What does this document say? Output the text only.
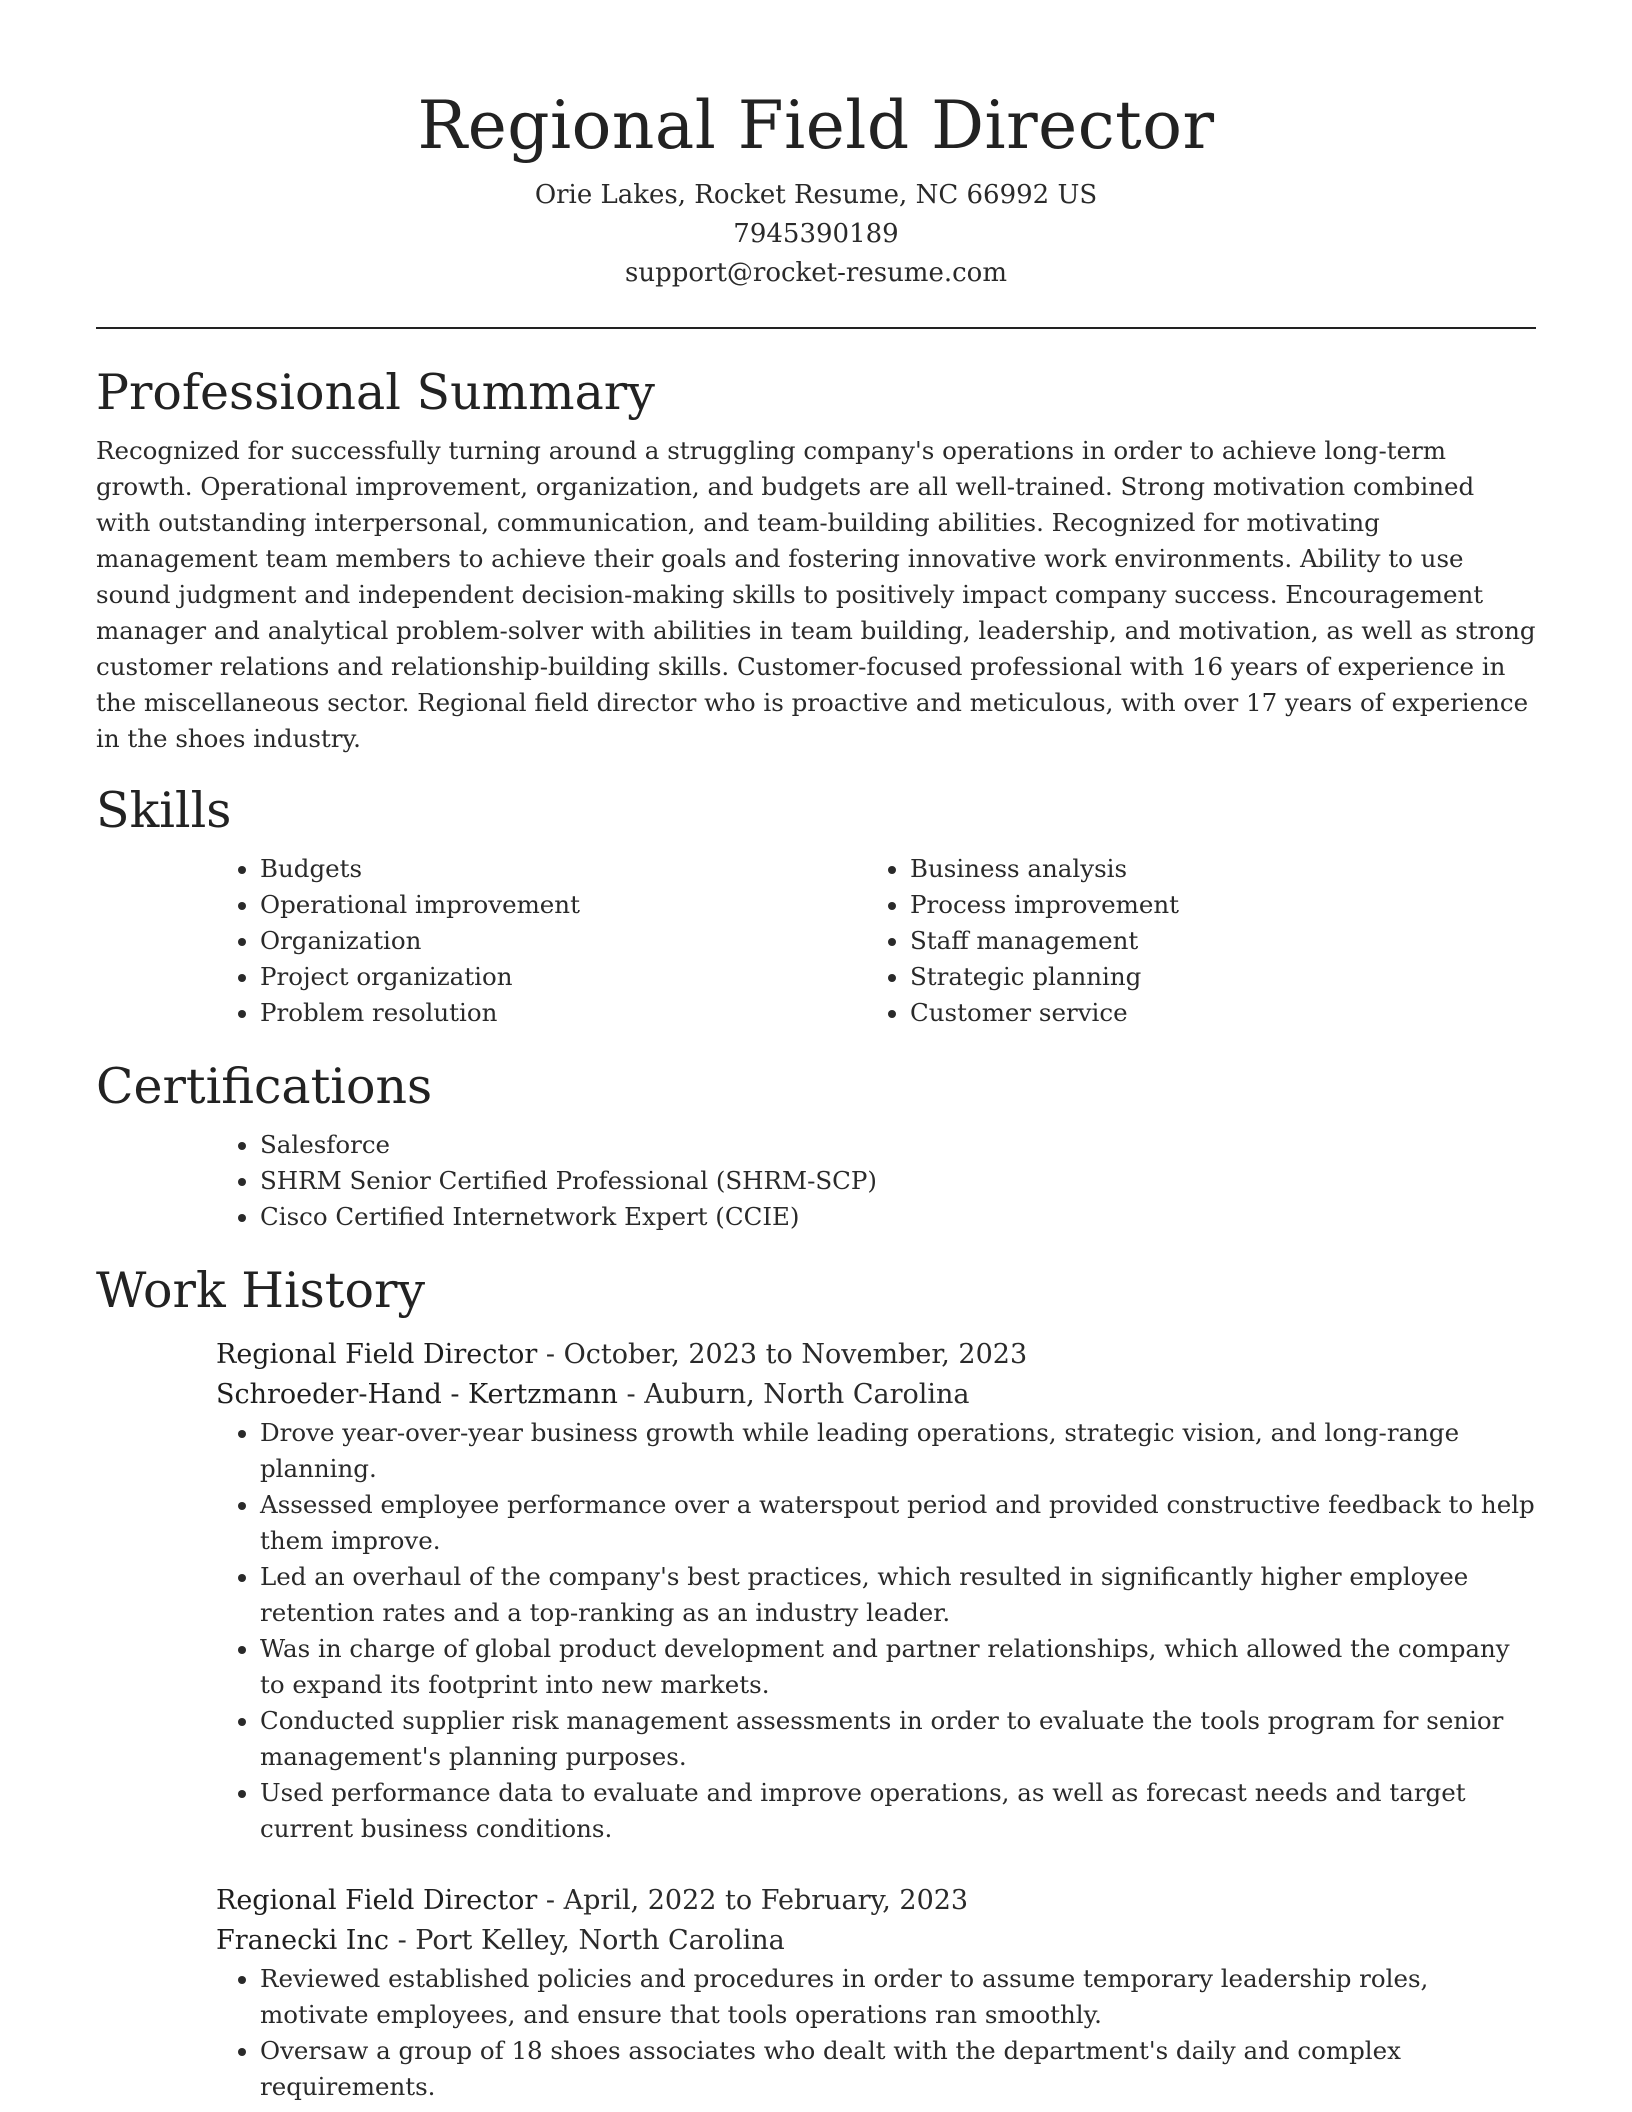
Regional Field Director
Orie Lakes, Rocket Resume, NC 66992 US
7945390189
support@rocket-resume.com
Professional Summary

Recognized for successfully turning around a struggling company's operations in order to achieve long-term growth. Operational improvement, organization, and budgets are all well-trained. Strong motivation combined with outstanding interpersonal, communication, and team-building abilities. Recognized for motivating management team members to achieve their goals and fostering innovative work environments. Ability to use sound judgment and independent decision-making skills to positively impact company success. Encouragement manager and analytical problem-solver with abilities in team building, leadership, and motivation, as well as strong customer relations and relationship-building skills. Customer-focused professional with 16 years of experience in the miscellaneous sector. Regional field director who is proactive and meticulous, with over 17 years of experience in the shoes industry.

Skills
• Budgets
• Operational improvement
• Organization
• Project organization
• Problem resolution
• Business analysis
• Process improvement
• Staff management
• Strategic planning
• Customer service
Certifications
• Salesforce
• SHRM Senior Certified Professional (SHRM-SCP)
• Cisco Certified Internetwork Expert (CCIE)
Work History
Regional Field Director - October, 2023 to November, 2023
Schroeder-Hand - Kertzmann - Auburn, North Carolina
• Drove year-over-year business growth while leading operations, strategic vision, and long-range planning.
• Assessed employee performance over a waterspout period and provided constructive feedback to help them improve.
• Led an overhaul of the company's best practices, which resulted in significantly higher employee retention rates and a top-ranking as an industry leader.
• Was in charge of global product development and partner relationships, which allowed the company to expand its footprint into new markets.
• Conducted supplier risk management assessments in order to evaluate the tools program for senior management's planning purposes.
• Used performance data to evaluate and improve operations, as well as forecast needs and target current business conditions.
Regional Field Director - April, 2022 to February, 2023
Franecki Inc - Port Kelley, North Carolina
• Reviewed established policies and procedures in order to assume temporary leadership roles, motivate employees, and ensure that tools operations ran smoothly.
• Oversaw a group of 18 shoes associates who dealt with the department's daily and complex requirements.
